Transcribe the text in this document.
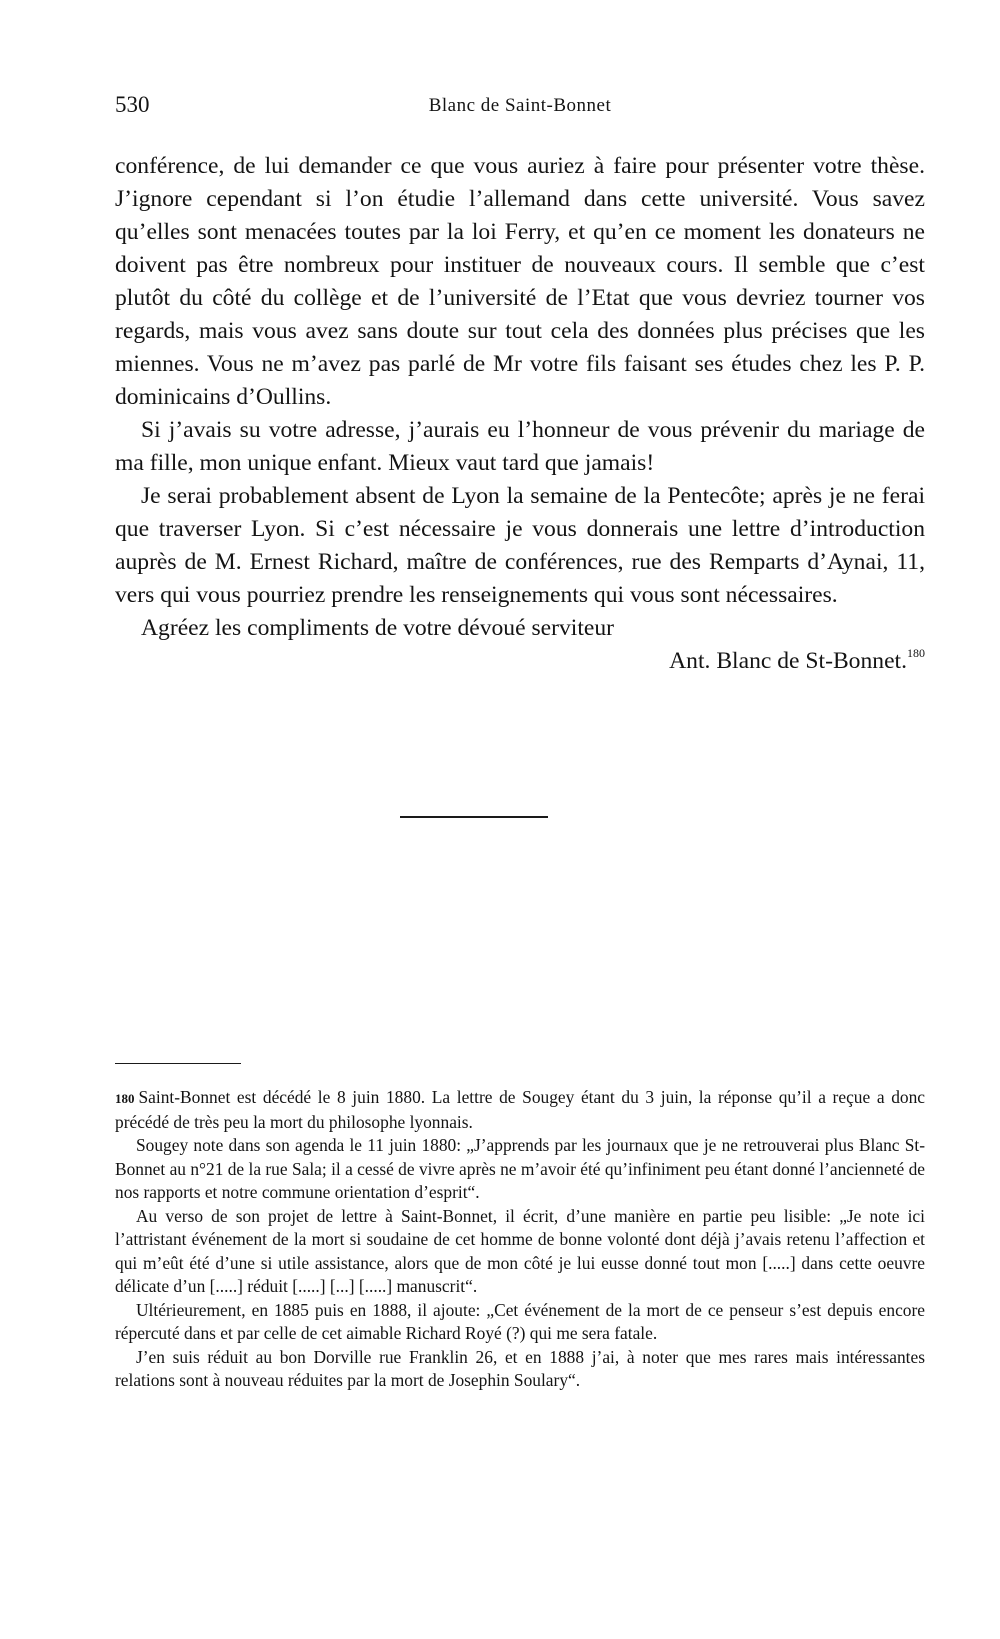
530	Blanc de Saint-Bonnet

conférence, de lui demander ce que vous auriez à faire pour présenter votre thèse. J’ignore cependant si l’on étudie l’allemand dans cette université. Vous savez qu’elles sont menacées toutes par la loi Ferry, et qu’en ce moment les donateurs ne doivent pas être nombreux pour instituer de nouveaux cours. Il semble que c’est plutôt du côté du collège et de l’université de l’Etat que vous devriez tourner vos regards, mais vous avez sans doute sur tout cela des données plus précises que les miennes. Vous ne m’avez pas parlé de Mr votre fils faisant ses études chez les P. P. dominicains d’Oullins.

Si j’avais su votre adresse, j’aurais eu l’honneur de vous prévenir du mariage de ma fille, mon unique enfant. Mieux vaut tard que jamais!

Je serai probablement absent de Lyon la semaine de la Pentecôte; après je ne ferai que traverser Lyon. Si c’est nécessaire je vous donnerais une lettre d’introduction auprès de M. Ernest Richard, maître de conférences, rue des Remparts d’Aynai, 11, vers qui vous pourriez prendre les renseignements qui vous sont nécessaires.

Agréez les compliments de votre dévoué serviteur

Ant. Blanc de St-Bonnet.$^{180}$

180 Saint-Bonnet est décédé le 8 juin 1880. La lettre de Sougey étant du 3 juin, la réponse qu’il a reçue a donc précédé de très peu la mort du philosophe lyonnais.

Sougey note dans son agenda le 11 juin 1880: „J’apprends par les journaux que je ne retrouverai plus Blanc St-Bonnet au n°21 de la rue Sala; il a cessé de vivre après ne m’avoir été qu’infiniment peu étant donné l’ancienneté de nos rapports et notre commune orientation d’esprit“.

Au verso de son projet de lettre à Saint-Bonnet, il écrit, d’une manière en partie peu lisible: „Je note ici l’attristant événement de la mort si soudaine de cet homme de bonne volonté dont déjà j’avais retenu l’affection et qui m’eût été d’une si utile assistance, alors que de mon côté je lui eusse donné tout mon [.....] dans cette oeuvre délicate d’un [.....] réduit [.....] [...] [.....] manuscrit“.

Ultérieurement, en 1885 puis en 1888, il ajoute: „Cet événement de la mort de ce penseur s’est depuis encore répercuté dans et par celle de cet aimable Richard Royé (?) qui me sera fatale.

J’en suis réduit au bon Dorville rue Franklin 26, et en 1888 j’ai, à noter que mes rares mais intéressantes relations sont à nouveau réduites par la mort de Josephin Soulary“.
